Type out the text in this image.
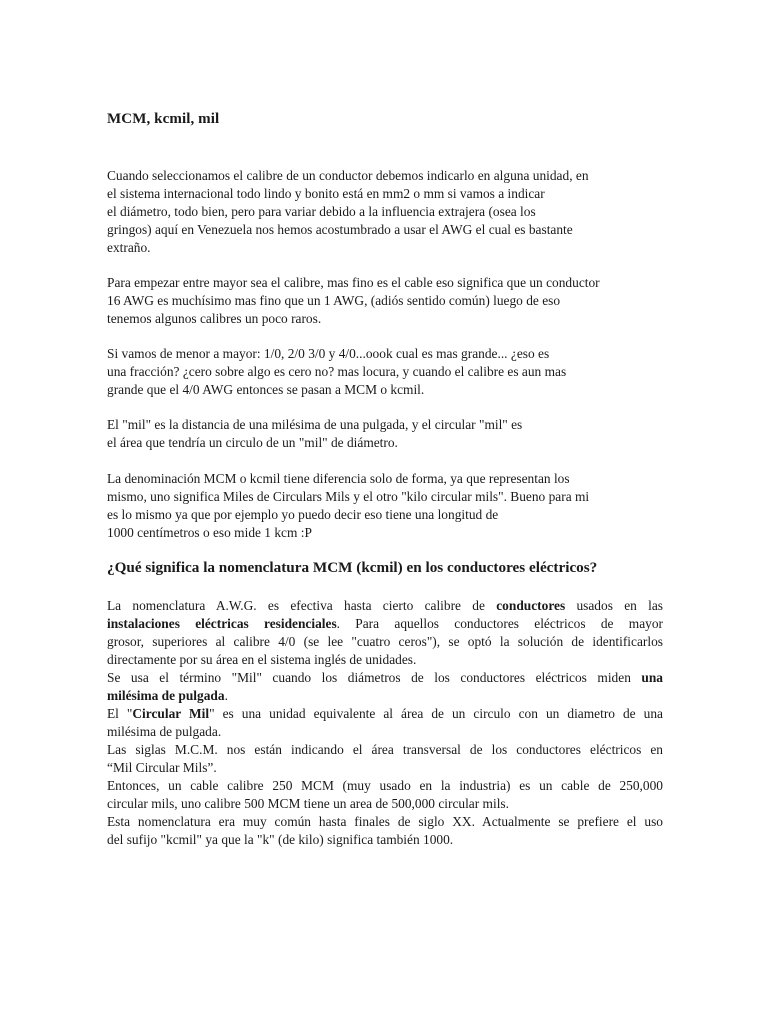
MCM, kcmil, mil
Cuando seleccionamos el calibre de un conductor debemos indicarlo en alguna unidad, en
el sistema internacional todo lindo y bonito está en mm2 o mm si vamos a indicar
el diámetro, todo bien, pero para variar debido a la influencia extrajera (osea los
gringos) aquí en Venezuela nos hemos acostumbrado a usar el AWG el cual es bastante
extraño.
Para empezar entre mayor sea el calibre, mas fino es el cable eso significa que un conductor
16 AWG es muchísimo mas fino que un 1 AWG, (adiós sentido común) luego de eso
tenemos algunos calibres un poco raros.
Si vamos de menor a mayor: 1/0, 2/0 3/0 y 4/0...oook cual es mas grande... ¿eso es
una fracción? ¿cero sobre algo es cero no? mas locura, y cuando el calibre es aun mas
grande que el 4/0 AWG entonces se pasan a MCM o kcmil.
El "mil" es la distancia de una milésima de una pulgada, y el circular "mil" es
el área que tendría un circulo de un "mil" de diámetro.
La denominación MCM o kcmil tiene diferencia solo de forma, ya que representan los
mismo, uno significa Miles de Circulars Mils y el otro "kilo circular mils". Bueno para mi
es lo mismo ya que por ejemplo yo puedo decir eso tiene una longitud de
1000 centímetros o eso mide 1 kcm :P
¿Qué significa la nomenclatura MCM (kcmil) en los conductores eléctricos?
La nomenclatura A.W.G. es efectiva hasta cierto calibre de conductores usados en las
instalaciones eléctricas residenciales. Para aquellos conductores eléctricos de mayor
grosor, superiores al calibre 4/0 (se lee "cuatro ceros"), se optó la solución de identificarlos
directamente por su área en el sistema inglés de unidades.
Se usa el término "Mil" cuando los diámetros de los conductores eléctricos miden una
milésima de pulgada.
El "Circular Mil" es una unidad equivalente al área de un circulo con un diametro de una
milésima de pulgada.
Las siglas M.C.M. nos están indicando el área transversal de los conductores eléctricos en
“Mil Circular Mils”.
Entonces, un cable calibre 250 MCM (muy usado en la industria) es un cable de 250,000
circular mils, uno calibre 500 MCM tiene un area de 500,000 circular mils.
Esta nomenclatura era muy común hasta finales de siglo XX. Actualmente se prefiere el uso
del sufijo "kcmil" ya que la "k" (de kilo) significa también 1000.
